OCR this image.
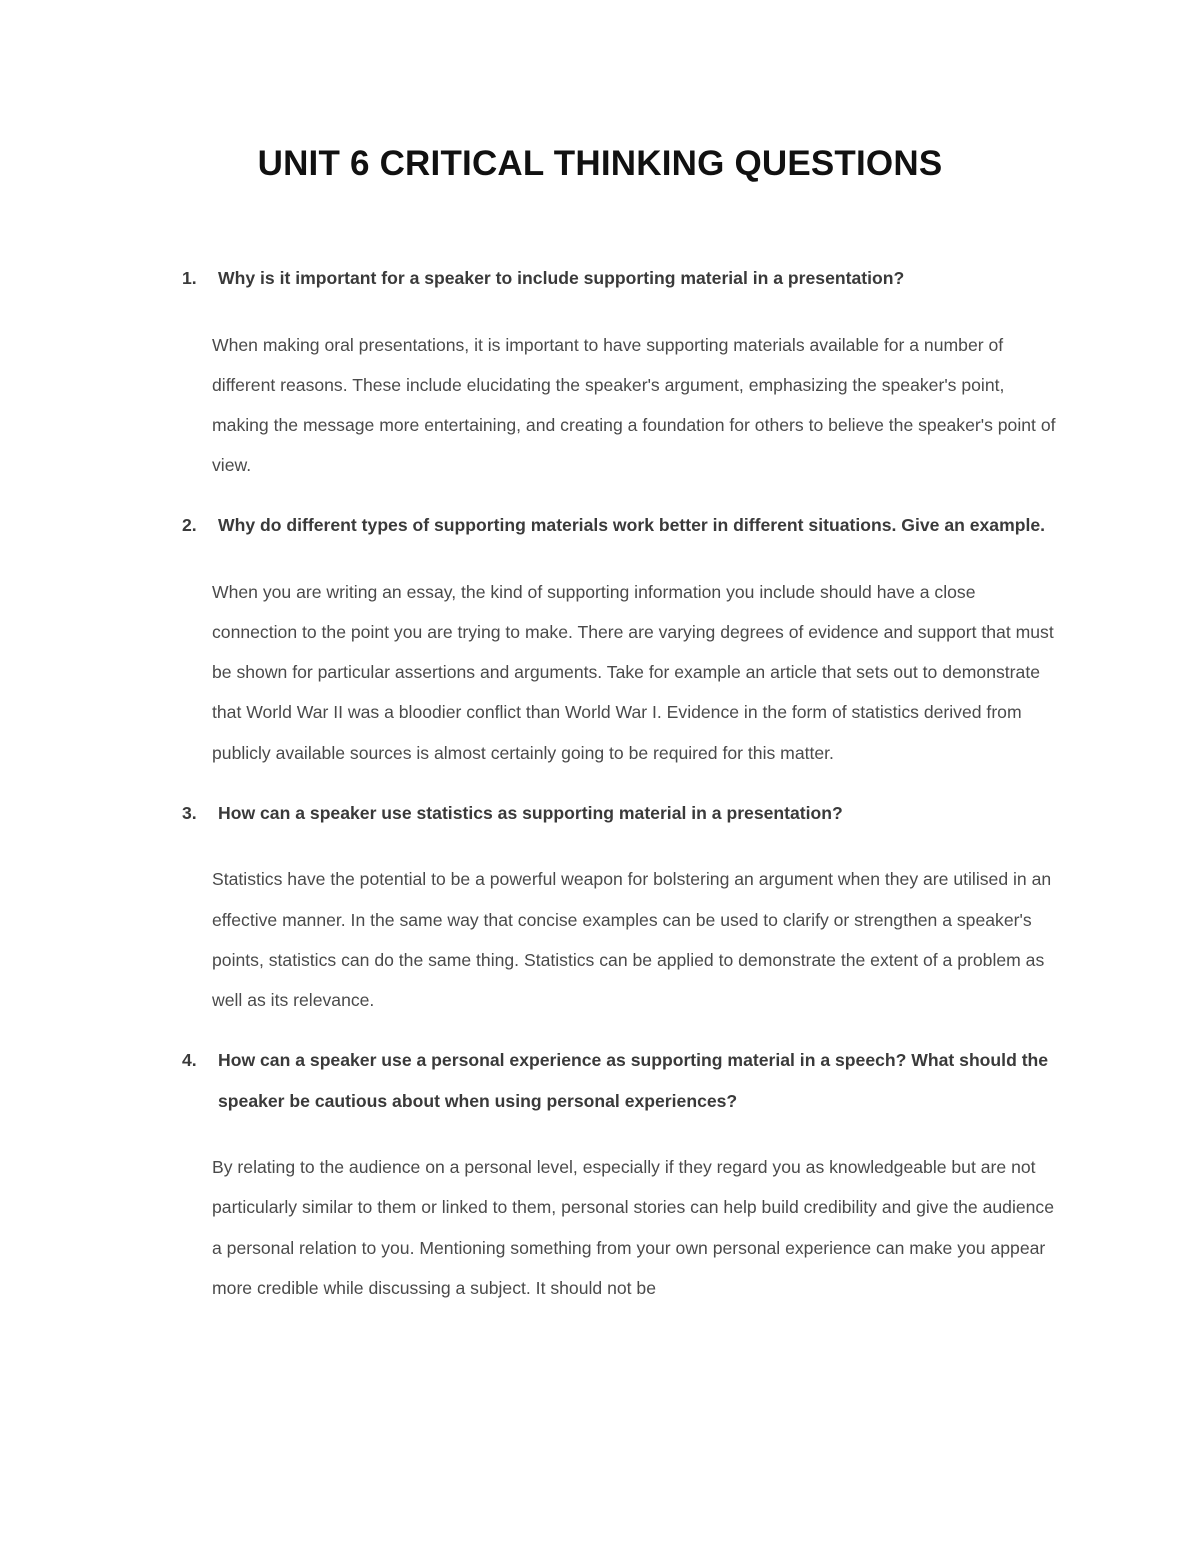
UNIT 6 CRITICAL THINKING QUESTIONS

1. Why is it important for a speaker to include supporting material in a presentation?

When making oral presentations, it is important to have supporting materials available for a number of different reasons. These include elucidating the speaker's argument, emphasizing the speaker's point, making the message more entertaining, and creating a foundation for others to believe the speaker's point of view.

2. Why do different types of supporting materials work better in different situations. Give an example.

When you are writing an essay, the kind of supporting information you include should have a close connection to the point you are trying to make. There are varying degrees of evidence and support that must be shown for particular assertions and arguments. Take for example an article that sets out to demonstrate that World War II was a bloodier conflict than World War I. Evidence in the form of statistics derived from publicly available sources is almost certainly going to be required for this matter.

3. How can a speaker use statistics as supporting material in a presentation?

Statistics have the potential to be a powerful weapon for bolstering an argument when they are utilised in an effective manner. In the same way that concise examples can be used to clarify or strengthen a speaker's points, statistics can do the same thing. Statistics can be applied to demonstrate the extent of a problem as well as its relevance.

4. How can a speaker use a personal experience as supporting material in a speech? What should the speaker be cautious about when using personal experiences?

By relating to the audience on a personal level, especially if they regard you as knowledgeable but are not particularly similar to them or linked to them, personal stories can help build credibility and give the audience a personal relation to you. Mentioning something from your own personal experience can make you appear more credible while discussing a subject. It should not be
